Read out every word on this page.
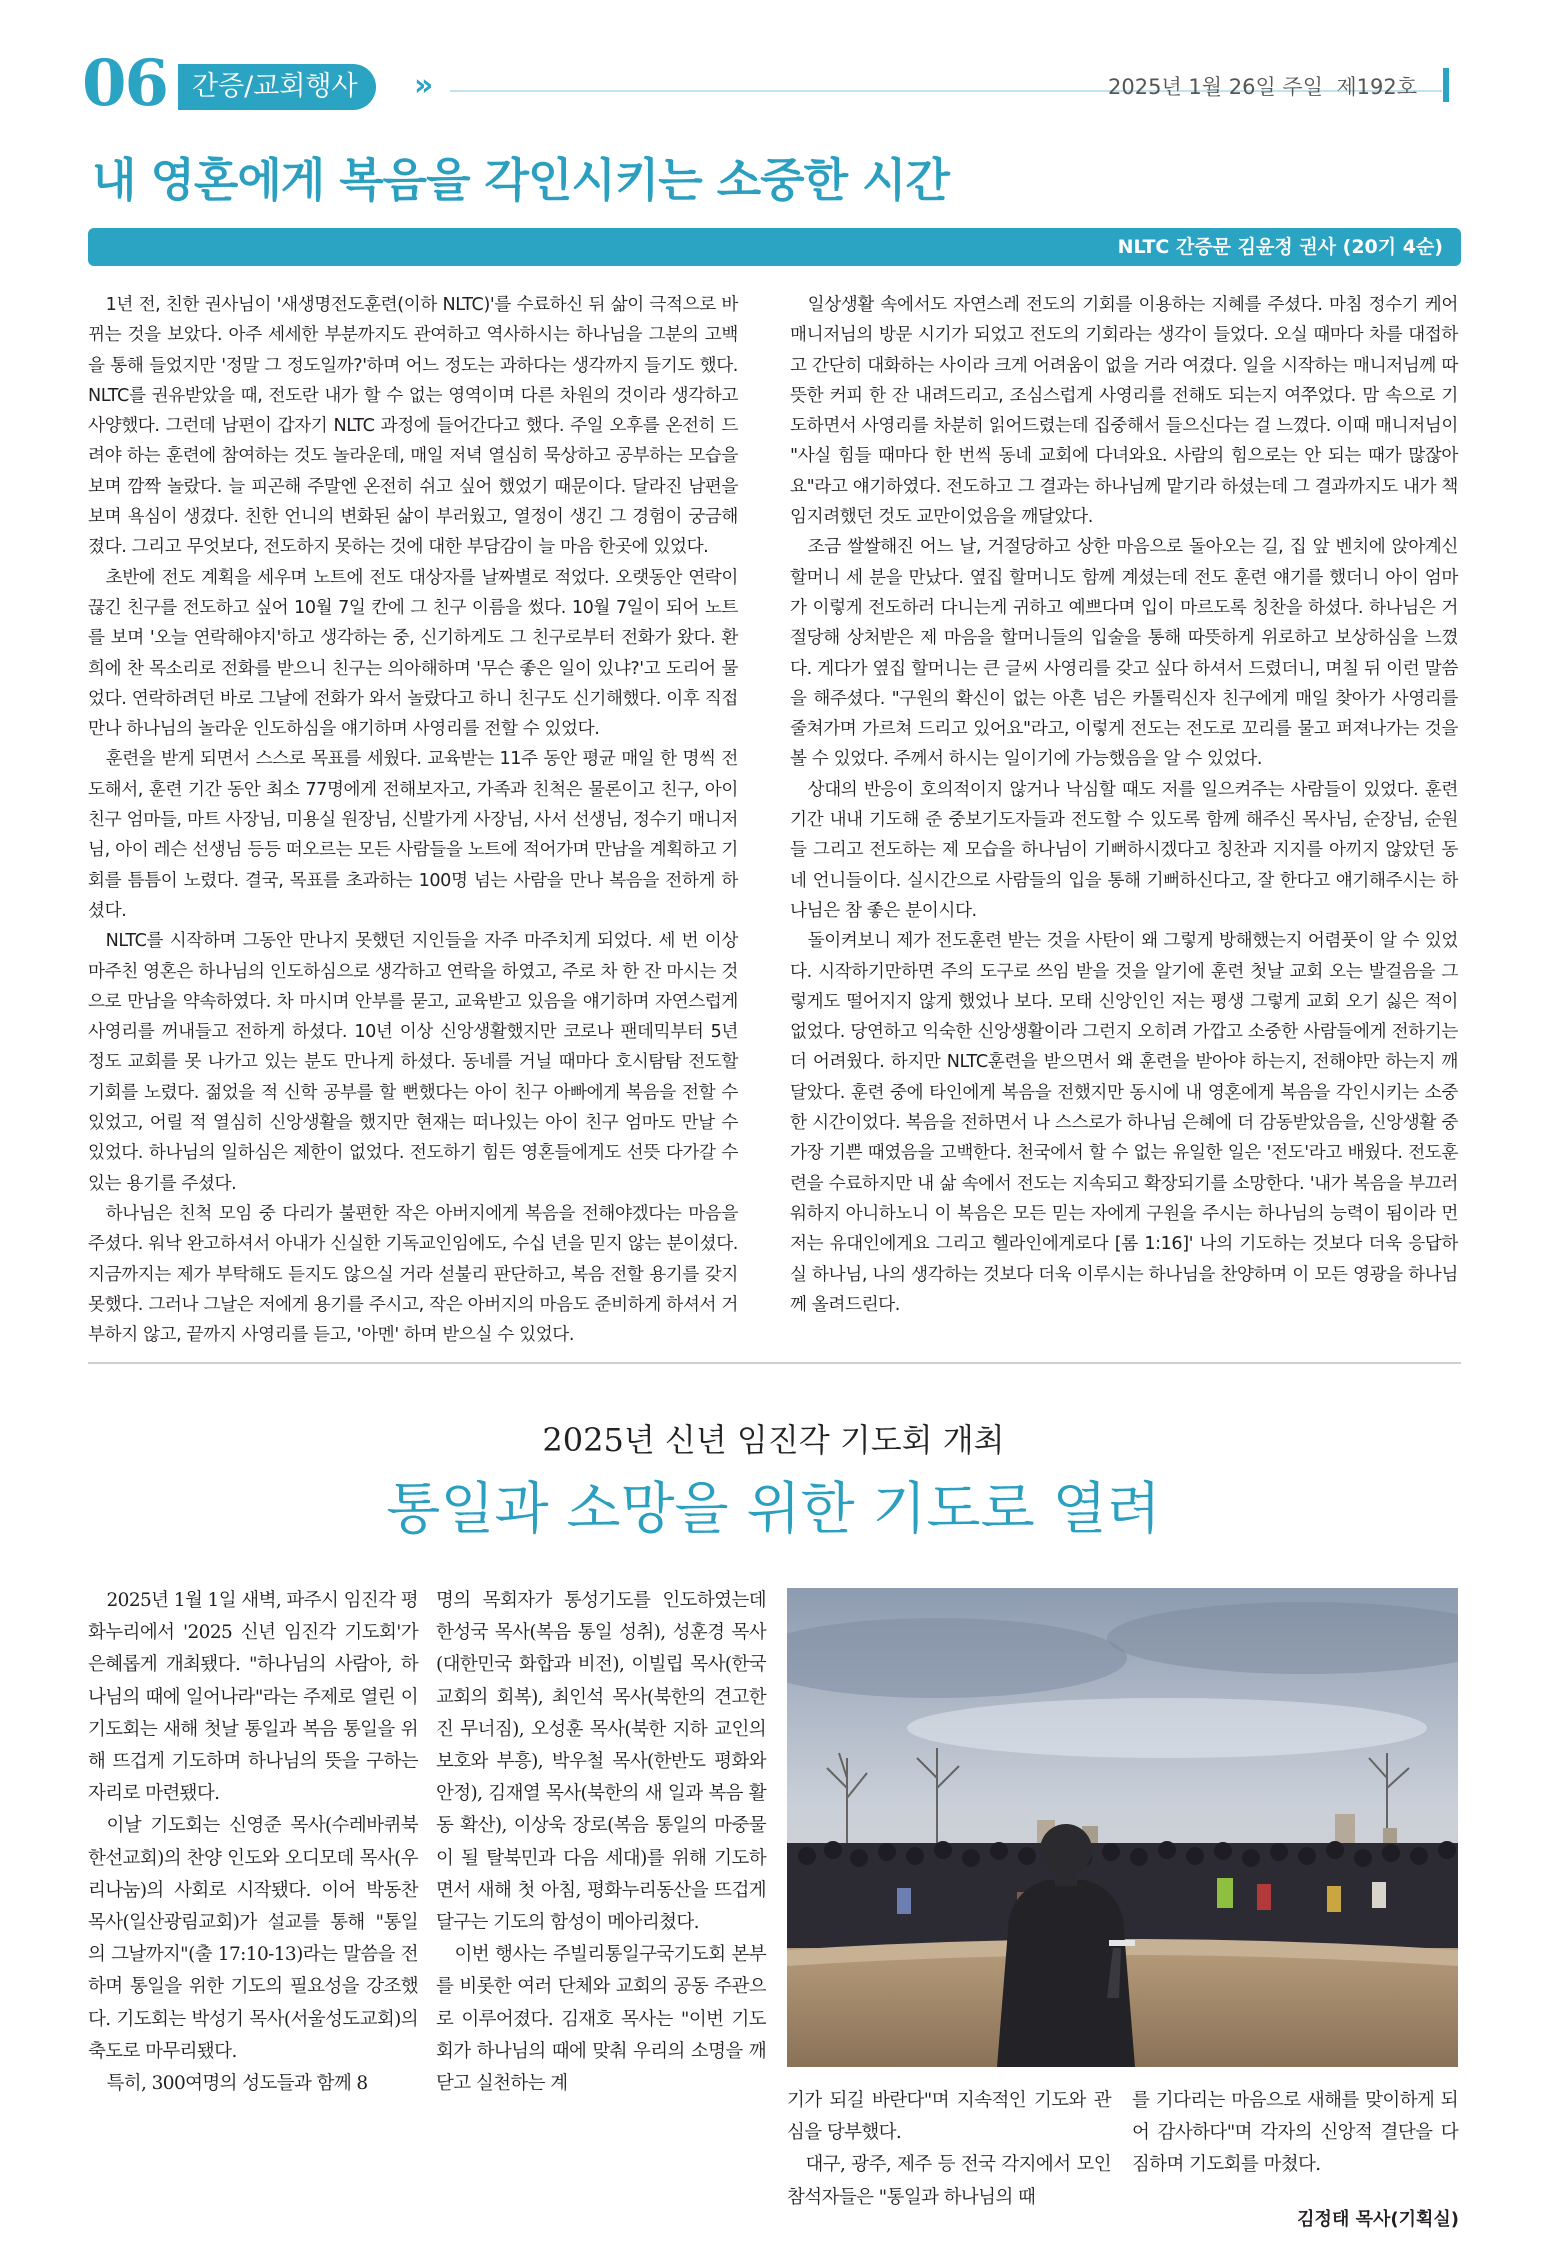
06 간증/교회행사	»	2025년 1월 26일 주일 제192호
내 영혼에게 복음을 각인시키는 소중한 시간
NLTC 간증문 김윤정 권사 (20기 4순)

1년 전, 친한 권사님이 '새생명전도훈련(이하 NLTC)'를 수료하신 뒤 삶이 극적으로 바뀌는 것을 보았다. 아주 세세한 부분까지도 관여하고 역사하시는 하나님을 그분의 고백을 통해 들었지만 '정말 그 정도일까?'하며 어느 정도는 과하다는 생각까지 들기도 했다. NLTC를 권유받았을 때, 전도란 내가 할 수 없는 영역이며 다른 차원의 것이라 생각하고 사양했다. 그런데 남편이 갑자기 NLTC 과정에 들어간다고 했다. 주일 오후를 온전히 드려야 하는 훈련에 참여하는 것도 놀라운데, 매일 저녁 열심히 묵상하고 공부하는 모습을 보며 깜짝 놀랐다. 늘 피곤해 주말엔 온전히 쉬고 싶어 했었기 때문이다. 달라진 남편을 보며 욕심이 생겼다. 친한 언니의 변화된 삶이 부러웠고, 열정이 생긴 그 경험이 궁금해졌다. 그리고 무엇보다, 전도하지 못하는 것에 대한 부담감이 늘 마음 한곳에 있었다.

초반에 전도 계획을 세우며 노트에 전도 대상자를 날짜별로 적었다. 오랫동안 연락이 끊긴 친구를 전도하고 싶어 10월 7일 칸에 그 친구 이름을 썼다. 10월 7일이 되어 노트를 보며 '오늘 연락해야지'하고 생각하는 중, 신기하게도 그 친구로부터 전화가 왔다. 환희에 찬 목소리로 전화를 받으니 친구는 의아해하며 '무슨 좋은 일이 있냐?'고 도리어 물었다. 연락하려던 바로 그날에 전화가 와서 놀랐다고 하니 친구도 신기해했다. 이후 직접 만나 하나님의 놀라운 인도하심을 얘기하며 사영리를 전할 수 있었다.

훈련을 받게 되면서 스스로 목표를 세웠다. 교육받는 11주 동안 평균 매일 한 명씩 전도해서, 훈련 기간 동안 최소 77명에게 전해보자고, 가족과 친척은 물론이고 친구, 아이 친구 엄마들, 마트 사장님, 미용실 원장님, 신발가게 사장님, 사서 선생님, 정수기 매니저님, 아이 레슨 선생님 등등 떠오르는 모든 사람들을 노트에 적어가며 만남을 계획하고 기회를 틈틈이 노렸다. 결국, 목표를 초과하는 100명 넘는 사람을 만나 복음을 전하게 하셨다.

NLTC를 시작하며 그동안 만나지 못했던 지인들을 자주 마주치게 되었다. 세 번 이상 마주친 영혼은 하나님의 인도하심으로 생각하고 연락을 하였고, 주로 차 한 잔 마시는 것으로 만남을 약속하였다. 차 마시며 안부를 묻고, 교육받고 있음을 얘기하며 자연스럽게 사영리를 꺼내들고 전하게 하셨다. 10년 이상 신앙생활했지만 코로나 팬데믹부터 5년 정도 교회를 못 나가고 있는 분도 만나게 하셨다. 동네를 거닐 때마다 호시탐탐 전도할 기회를 노렸다. 젊었을 적 신학 공부를 할 뻔했다는 아이 친구 아빠에게 복음을 전할 수 있었고, 어릴 적 열심히 신앙생활을 했지만 현재는 떠나있는 아이 친구 엄마도 만날 수 있었다. 하나님의 일하심은 제한이 없었다. 전도하기 힘든 영혼들에게도 선뜻 다가갈 수 있는 용기를 주셨다.

하나님은 친척 모임 중 다리가 불편한 작은 아버지에게 복음을 전해야겠다는 마음을 주셨다. 워낙 완고하셔서 아내가 신실한 기독교인임에도, 수십 년을 믿지 않는 분이셨다. 지금까지는 제가 부탁해도 듣지도 않으실 거라 섣불리 판단하고, 복음 전할 용기를 갖지 못했다. 그러나 그날은 저에게 용기를 주시고, 작은 아버지의 마음도 준비하게 하셔서 거부하지 않고, 끝까지 사영리를 듣고, '아멘' 하며 받으실 수 있었다.

일상생활 속에서도 자연스레 전도의 기회를 이용하는 지혜를 주셨다. 마침 정수기 케어매니저님의 방문 시기가 되었고 전도의 기회라는 생각이 들었다. 오실 때마다 차를 대접하고 간단히 대화하는 사이라 크게 어려움이 없을 거라 여겼다. 일을 시작하는 매니저님께 따뜻한 커피 한 잔 내려드리고, 조심스럽게 사영리를 전해도 되는지 여쭈었다. 맘 속으로 기도하면서 사영리를 차분히 읽어드렸는데 집중해서 들으신다는 걸 느꼈다. 이때 매니저님이 "사실 힘들 때마다 한 번씩 동네 교회에 다녀와요. 사람의 힘으로는 안 되는 때가 많잖아요"라고 얘기하였다. 전도하고 그 결과는 하나님께 맡기라 하셨는데 그 결과까지도 내가 책임지려했던 것도 교만이었음을 깨달았다.

조금 쌀쌀해진 어느 날, 거절당하고 상한 마음으로 돌아오는 길, 집 앞 벤치에 앉아계신 할머니 세 분을 만났다. 옆집 할머니도 함께 계셨는데 전도 훈련 얘기를 했더니 아이 엄마가 이렇게 전도하러 다니는게 귀하고 예쁘다며 입이 마르도록 칭찬을 하셨다. 하나님은 거절당해 상처받은 제 마음을 할머니들의 입술을 통해 따뜻하게 위로하고 보상하심을 느꼈다. 게다가 옆집 할머니는 큰 글씨 사영리를 갖고 싶다 하셔서 드렸더니, 며칠 뒤 이런 말씀을 해주셨다. "구원의 확신이 없는 아흔 넘은 카톨릭신자 친구에게 매일 찾아가 사영리를 줄쳐가며 가르쳐 드리고 있어요"라고, 이렇게 전도는 전도로 꼬리를 물고 퍼져나가는 것을 볼 수 있었다. 주께서 하시는 일이기에 가능했음을 알 수 있었다.

상대의 반응이 호의적이지 않거나 낙심할 때도 저를 일으켜주는 사람들이 있었다. 훈련 기간 내내 기도해 준 중보기도자들과 전도할 수 있도록 함께 해주신 목사님, 순장님, 순원들 그리고 전도하는 제 모습을 하나님이 기뻐하시겠다고 칭찬과 지지를 아끼지 않았던 동네 언니들이다. 실시간으로 사람들의 입을 통해 기뻐하신다고, 잘 한다고 얘기해주시는 하나님은 참 좋은 분이시다.

돌이켜보니 제가 전도훈련 받는 것을 사탄이 왜 그렇게 방해했는지 어렴풋이 알 수 있었다. 시작하기만하면 주의 도구로 쓰임 받을 것을 알기에 훈련 첫날 교회 오는 발걸음을 그렇게도 떨어지지 않게 했었나 보다. 모태 신앙인인 저는 평생 그렇게 교회 오기 싫은 적이 없었다. 당연하고 익숙한 신앙생활이라 그런지 오히려 가깝고 소중한 사람들에게 전하기는 더 어려웠다. 하지만 NLTC훈련을 받으면서 왜 훈련을 받아야 하는지, 전해야만 하는지 깨달았다. 훈련 중에 타인에게 복음을 전했지만 동시에 내 영혼에게 복음을 각인시키는 소중한 시간이었다. 복음을 전하면서 나 스스로가 하나님 은혜에 더 감동받았음을, 신앙생활 중 가장 기쁜 때였음을 고백한다. 천국에서 할 수 없는 유일한 일은 '전도'라고 배웠다. 전도훈련을 수료하지만 내 삶 속에서 전도는 지속되고 확장되기를 소망한다. '내가 복음을 부끄러워하지 아니하노니 이 복음은 모든 믿는 자에게 구원을 주시는 하나님의 능력이 됨이라 먼저는 유대인에게요 그리고 헬라인에게로다 [롬 1:16]' 나의 기도하는 것보다 더욱 응답하실 하나님, 나의 생각하는 것보다 더욱 이루시는 하나님을 찬양하며 이 모든 영광을 하나님께 올려드린다.

2025년 신년 임진각 기도회 개최
통일과 소망을 위한 기도로 열려

2025년 1월 1일 새벽, 파주시 임진각 평화누리에서 '2025 신년 임진각 기도회'가 은혜롭게 개최됐다. "하나님의 사람아, 하나님의 때에 일어나라"라는 주제로 열린 이 기도회는 새해 첫날 통일과 복음 통일을 위해 뜨겁게 기도하며 하나님의 뜻을 구하는 자리로 마련됐다.

이날 기도회는 신영준 목사(수레바퀴북한선교회)의 찬양 인도와 오디모데 목사(우리나눔)의 사회로 시작됐다. 이어 박동찬 목사(일산광림교회)가 설교를 통해 "통일의 그날까지"(출 17:10-13)라는 말씀을 전하며 통일을 위한 기도의 필요성을 강조했다. 기도회는 박성기 목사(서울성도교회)의 축도로 마무리됐다.

특히, 300여명의 성도들과 함께 8

명의 목회자가 통성기도를 인도하였는데 한성국 목사(복음 통일 성취), 성훈경 목사(대한민국 화합과 비전), 이빌립 목사(한국교회의 회복), 최인석 목사(북한의 견고한 진 무너짐), 오성훈 목사(북한 지하 교인의 보호와 부흥), 박우철 목사(한반도 평화와 안정), 김재열 목사(북한의 새 일과 복음 활동 확산), 이상욱 장로(복음 통일의 마중물이 될 탈북민과 다음 세대)를 위해 기도하면서 새해 첫 아침, 평화누리동산을 뜨겁게 달구는 기도의 함성이 메아리쳤다.

이번 행사는 주빌리통일구국기도회 본부를 비롯한 여러 단체와 교회의 공동 주관으로 이루어졌다. 김재호 목사는 "이번 기도회가 하나님의 때에 맞춰 우리의 소명을 깨닫고 실천하는 계

기가 되길 바란다"며 지속적인 기도와 관심을 당부했다.

대구, 광주, 제주 등 전국 각지에서 모인 참석자들은 "통일과 하나님의 때

를 기다리는 마음으로 새해를 맞이하게 되어 감사하다"며 각자의 신앙적 결단을 다짐하며 기도회를 마쳤다.

김정태 목사(기획실)
